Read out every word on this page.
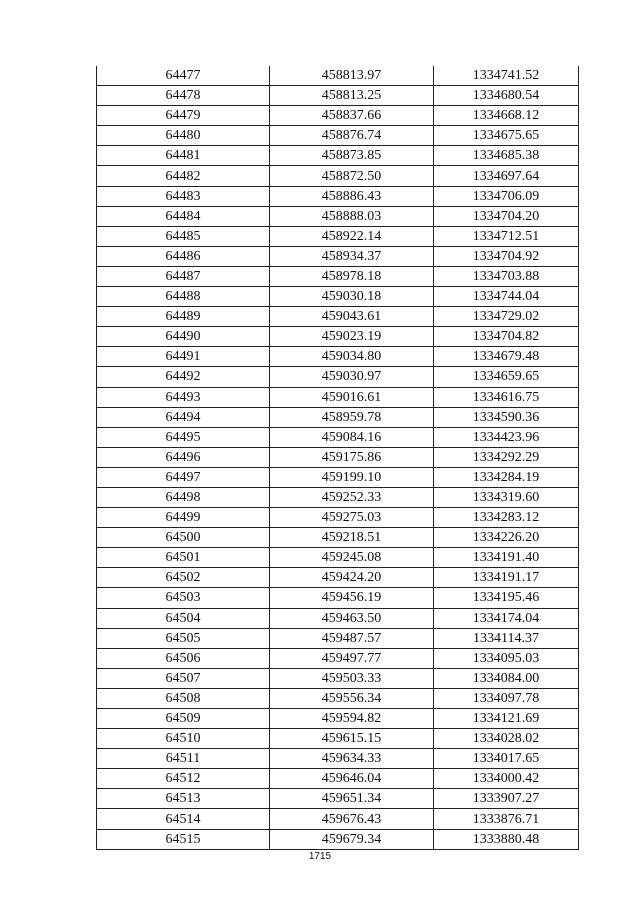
64477	458813.97	1334741.52
64478	458813.25	1334680.54
64479	458837.66	1334668.12
64480	458876.74	1334675.65
64481	458873.85	1334685.38
64482	458872.50	1334697.64
64483	458886.43	1334706.09
64484	458888.03	1334704.20
64485	458922.14	1334712.51
64486	458934.37	1334704.92
64487	458978.18	1334703.88
64488	459030.18	1334744.04
64489	459043.61	1334729.02
64490	459023.19	1334704.82
64491	459034.80	1334679.48
64492	459030.97	1334659.65
64493	459016.61	1334616.75
64494	458959.78	1334590.36
64495	459084.16	1334423.96
64496	459175.86	1334292.29
64497	459199.10	1334284.19
64498	459252.33	1334319.60
64499	459275.03	1334283.12
64500	459218.51	1334226.20
64501	459245.08	1334191.40
64502	459424.20	1334191.17
64503	459456.19	1334195.46
64504	459463.50	1334174.04
64505	459487.57	1334114.37
64506	459497.77	1334095.03
64507	459503.33	1334084.00
64508	459556.34	1334097.78
64509	459594.82	1334121.69
64510	459615.15	1334028.02
64511	459634.33	1334017.65
64512	459646.04	1334000.42
64513	459651.34	1333907.27
64514	459676.43	1333876.71
64515	459679.34	1333880.48
1715
